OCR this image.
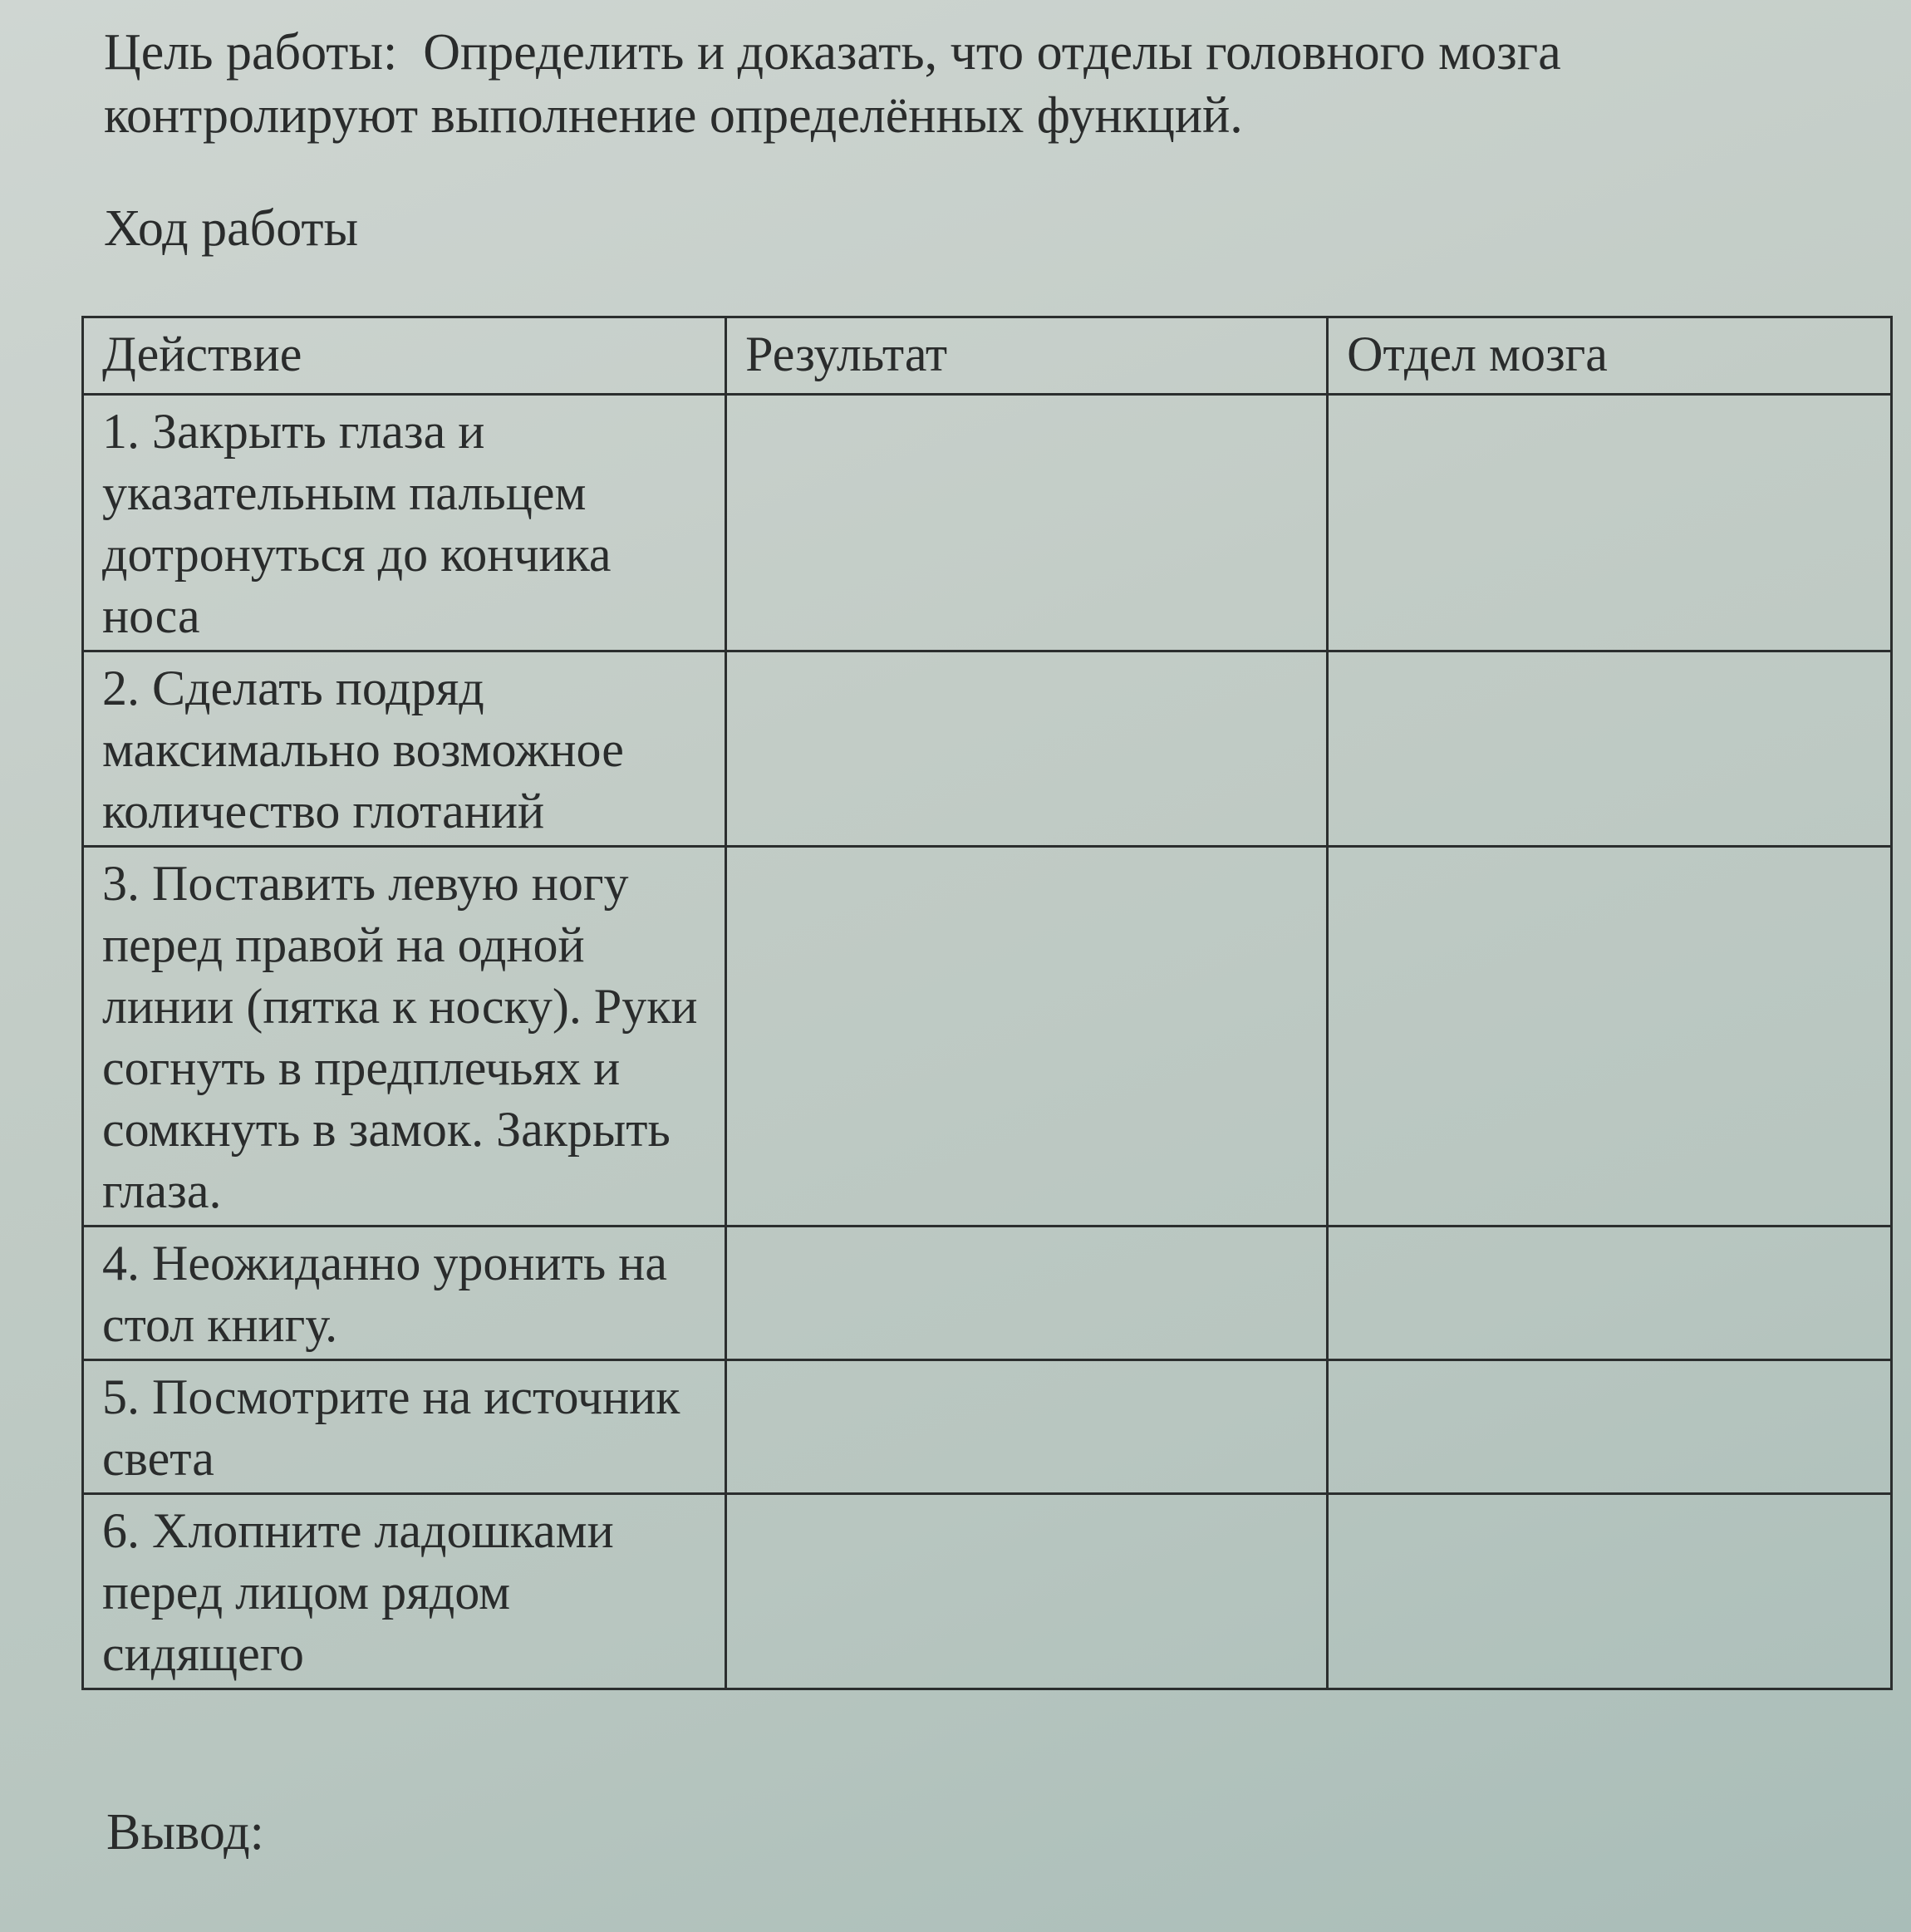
Цель работы: Определить и доказать, что отделы головного мозга контролируют выполнение определённых функций.

Ход работы

Действие	Результат	Отдел мозга
1. Закрыть глаза и указательным пальцем дотронуться до кончика носа		
2. Сделать подряд максимально возможное количество глотаний		
3. Поставить левую ногу перед правой на одной линии (пятка к носку). Руки согнуть в предплечьях и сомкнуть в замок. Закрыть глаза.		
4. Неожиданно уронить на стол книгу.		
5. Посмотрите на источник света		
6. Хлопните ладошками перед лицом рядом сидящего		

Вывод:
